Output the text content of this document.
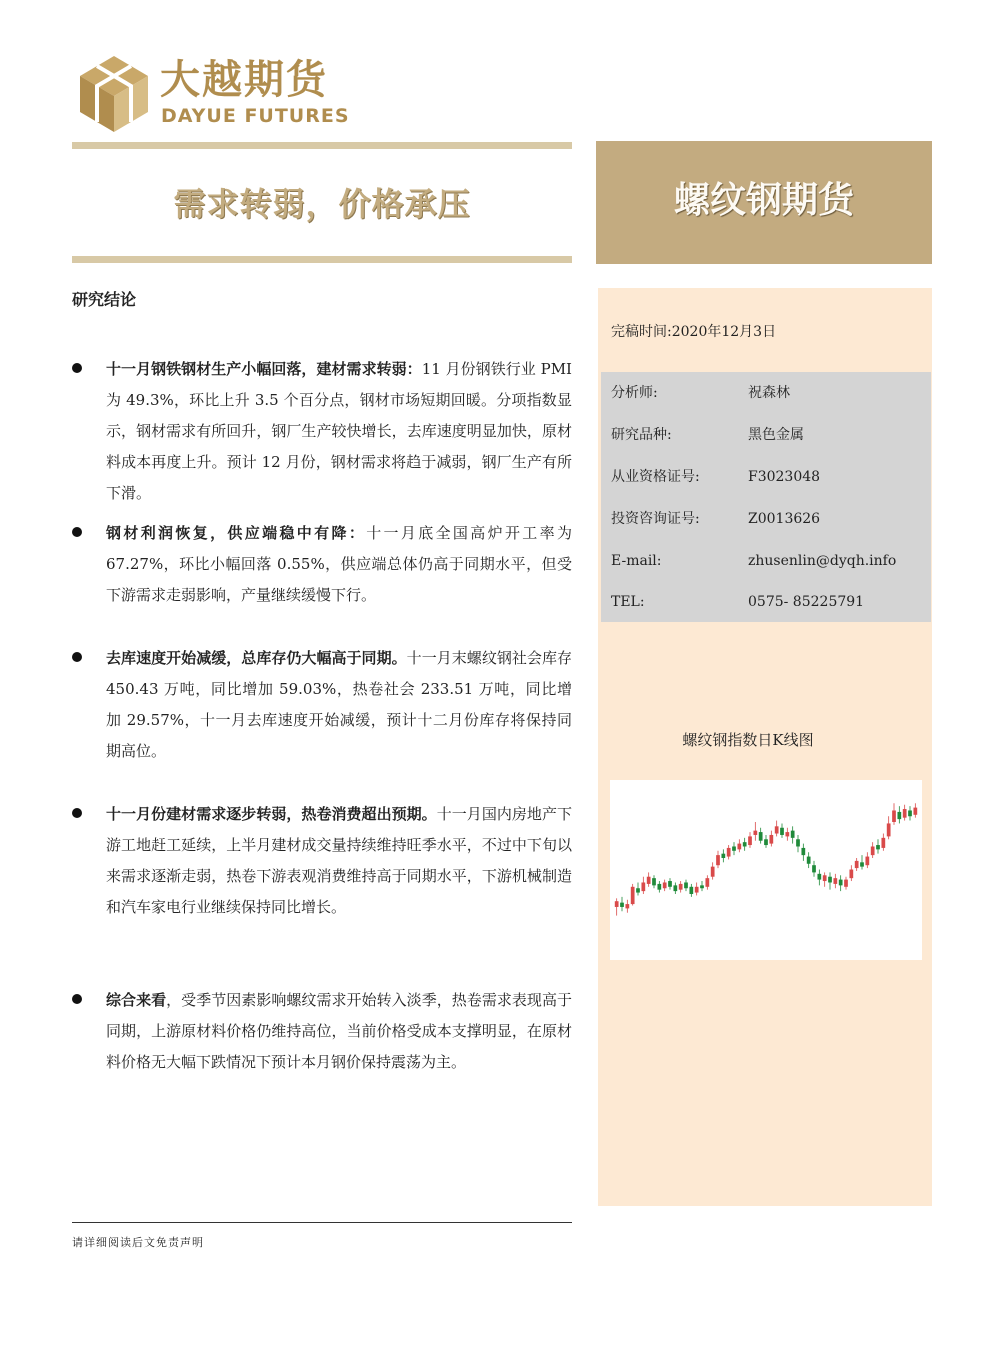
大越期货
DAYUE FUTURES
需求转弱，价格承压	螺纹钢期货
研究结论
十一月钢铁钢材生产小幅回落，建材需求转弱：11 月份钢铁行业 PMI 为 49.3%，环比上升 3.5 个百分点，钢材市场短期回暖。分项指数显示，钢材需求有所回升，钢厂生产较快增长，去库速度明显加快，原材料成本再度上升。预计 12 月份，钢材需求将趋于减弱，钢厂生产有所下滑。
钢材利润恢复，供应端稳中有降：十一月底全国高炉开工率为 67.27%，环比小幅回落 0.55%，供应端总体仍高于同期水平，但受下游需求走弱影响，产量继续缓慢下行。
去库速度开始减缓，总库存仍大幅高于同期。十一月末螺纹钢社会库存 450.43 万吨，同比增加 59.03%，热卷社会 233.51 万吨，同比增加 29.57%，十一月去库速度开始减缓，预计十二月份库存将保持同期高位。
十一月份建材需求逐步转弱，热卷消费超出预期。十一月国内房地产下游工地赶工延续，上半月建材成交量持续维持旺季水平，不过中下旬以来需求逐渐走弱，热卷下游表观消费维持高于同期水平，下游机械制造和汽车家电行业继续保持同比增长。
综合来看，受季节因素影响螺纹需求开始转入淡季，热卷需求表现高于同期，上游原材料价格仍维持高位，当前价格受成本支撑明显，在原材料价格无大幅下跌情况下预计本月钢价保持震荡为主。
完稿时间:2020年12月3日
分析师:	祝森林
研究品种:	黑色金属
从业资格证号:	F3023048
投资咨询证号:	Z0013626
E-mail:	zhusenlin@dyqh.info
TEL:	0575- 85225791
螺纹钢指数日K线图
请详细阅读后文免责声明
